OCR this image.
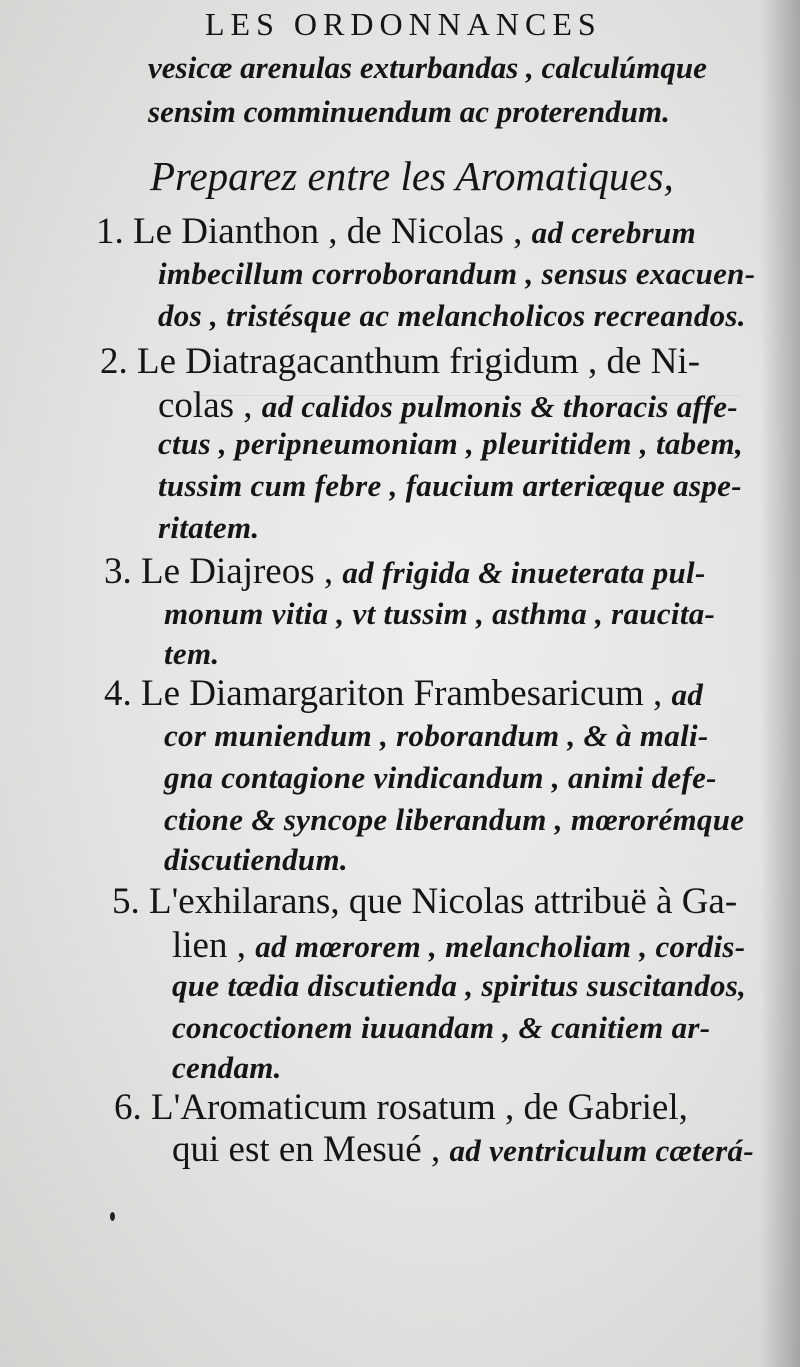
LES ORDONNANCES
vesicæ arenulas exturbandas , calculúmque
sensim comminuendum ac proterendum.
Preparez entre les Aromatiques,
1. Le Dianthon , de Nicolas , ad cerebrum
imbecillum corroborandum , sensus exacuen-
dos , tristésque ac melancholicos recreandos.
2. Le Diatragacanthum frigidum , de Ni-
colas , ad calidos pulmonis & thoracis affe-
ctus , peripneumoniam , pleuritidem , tabem,
tussim cum febre , faucium arteriæque aspe-
ritatem.
3. Le Diajreos , ad frigida & inueterata pul-
monum vitia , vt tussim , asthma , raucita-
tem.
4. Le Diamargariton Frambesaricum , ad
cor muniendum , roborandum , & à mali-
gna contagione vindicandum , animi defe-
ctione & syncope liberandum , mœrorémque
discutiendum.
5. L'exhilarans, que Nicolas attribuë à Ga-
lien , ad mœrorem , melancholiam , cordis-
que tædia discutienda , spiritus suscitandos,
concoctionem iuuandam , & canitiem ar-
cendam.
6. L'Aromaticum rosatum , de Gabriel,
qui est en Mesué , ad ventriculum cæterá-
